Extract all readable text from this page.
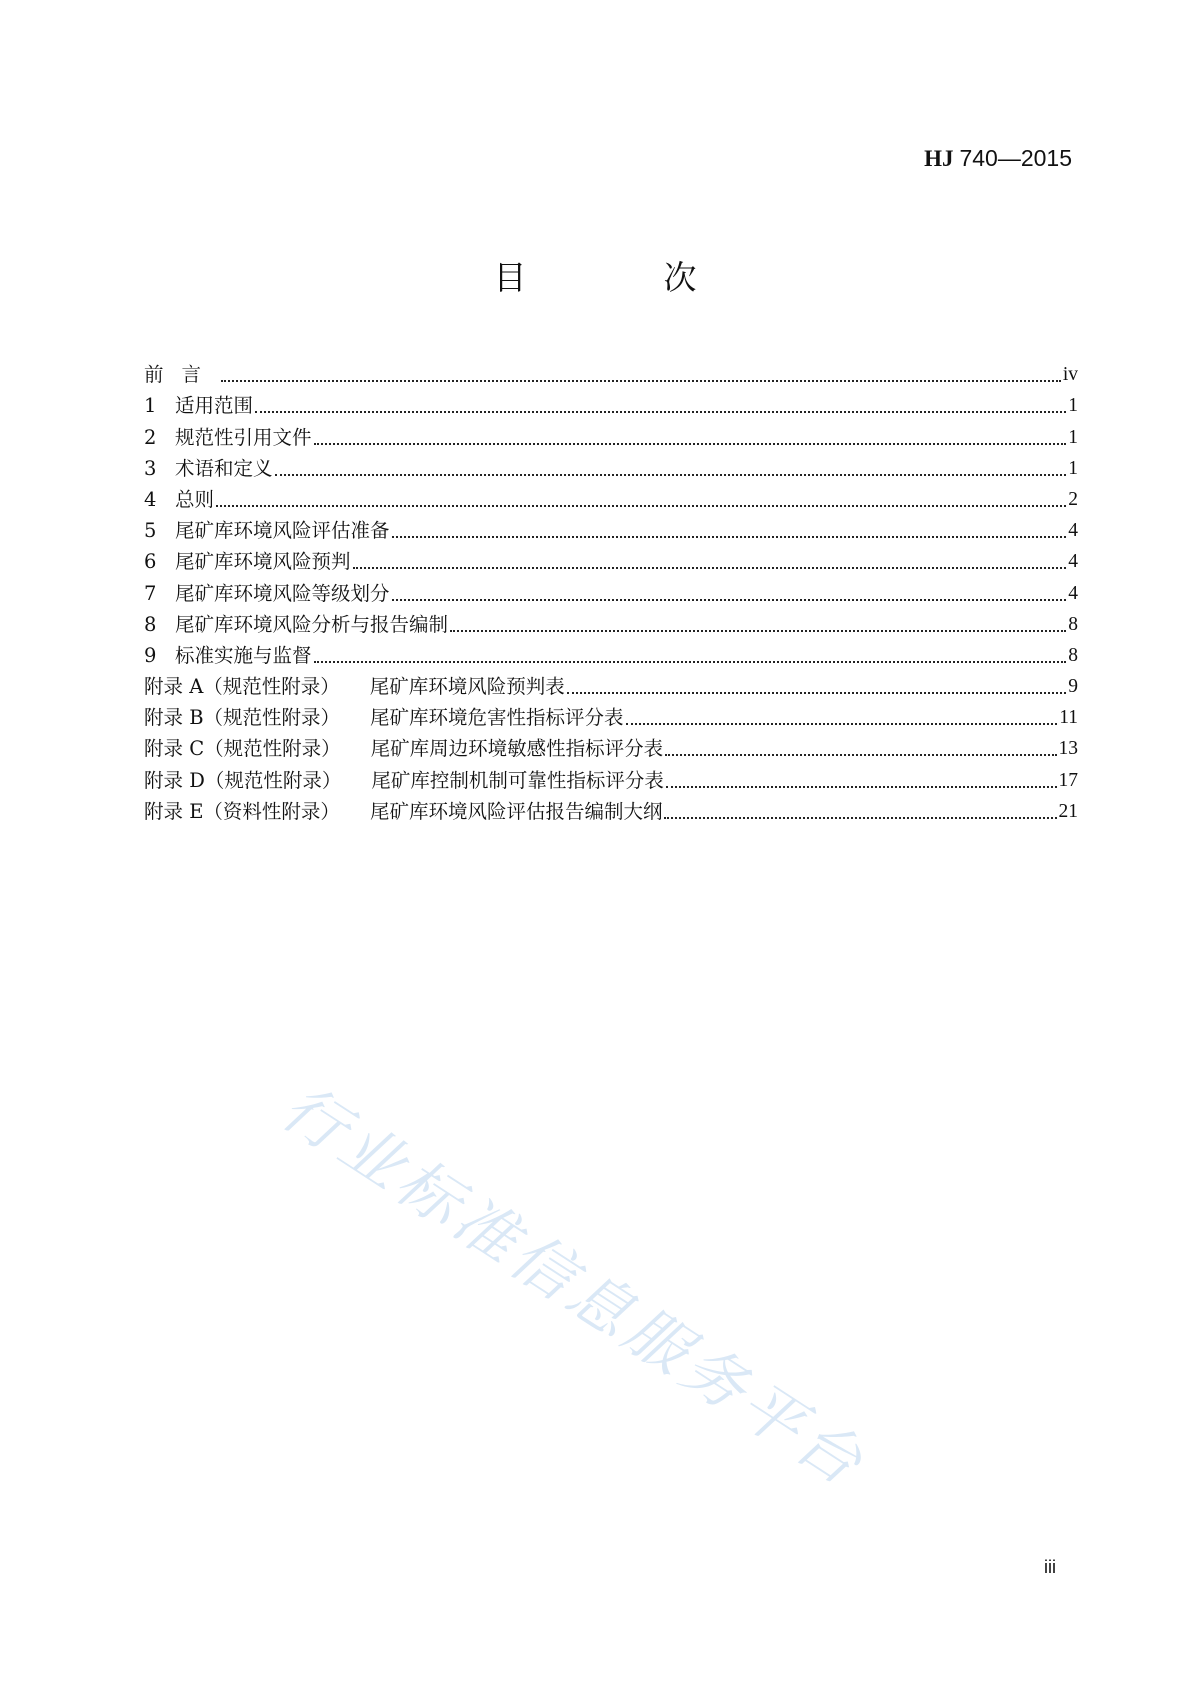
HJ 740—2015
目　次
前言	iv
1 适用范围	1
2 规范性引用文件	1
3 术语和定义	1
4 总则	2
5 尾矿库环境风险评估准备	4
6 尾矿库环境风险预判	4
7 尾矿库环境风险等级划分	4
8 尾矿库环境风险分析与报告编制	8
9 标准实施与监督	8
附录 A（规范性附录） 尾矿库环境风险预判表	9
附录 B（规范性附录） 尾矿库环境危害性指标评分表	11
附录 C（规范性附录） 尾矿库周边环境敏感性指标评分表	13
附录 D（规范性附录） 尾矿库控制机制可靠性指标评分表	17
附录 E（资料性附录） 尾矿库环境风险评估报告编制大纲	21
行业标准信息服务平台
iii
